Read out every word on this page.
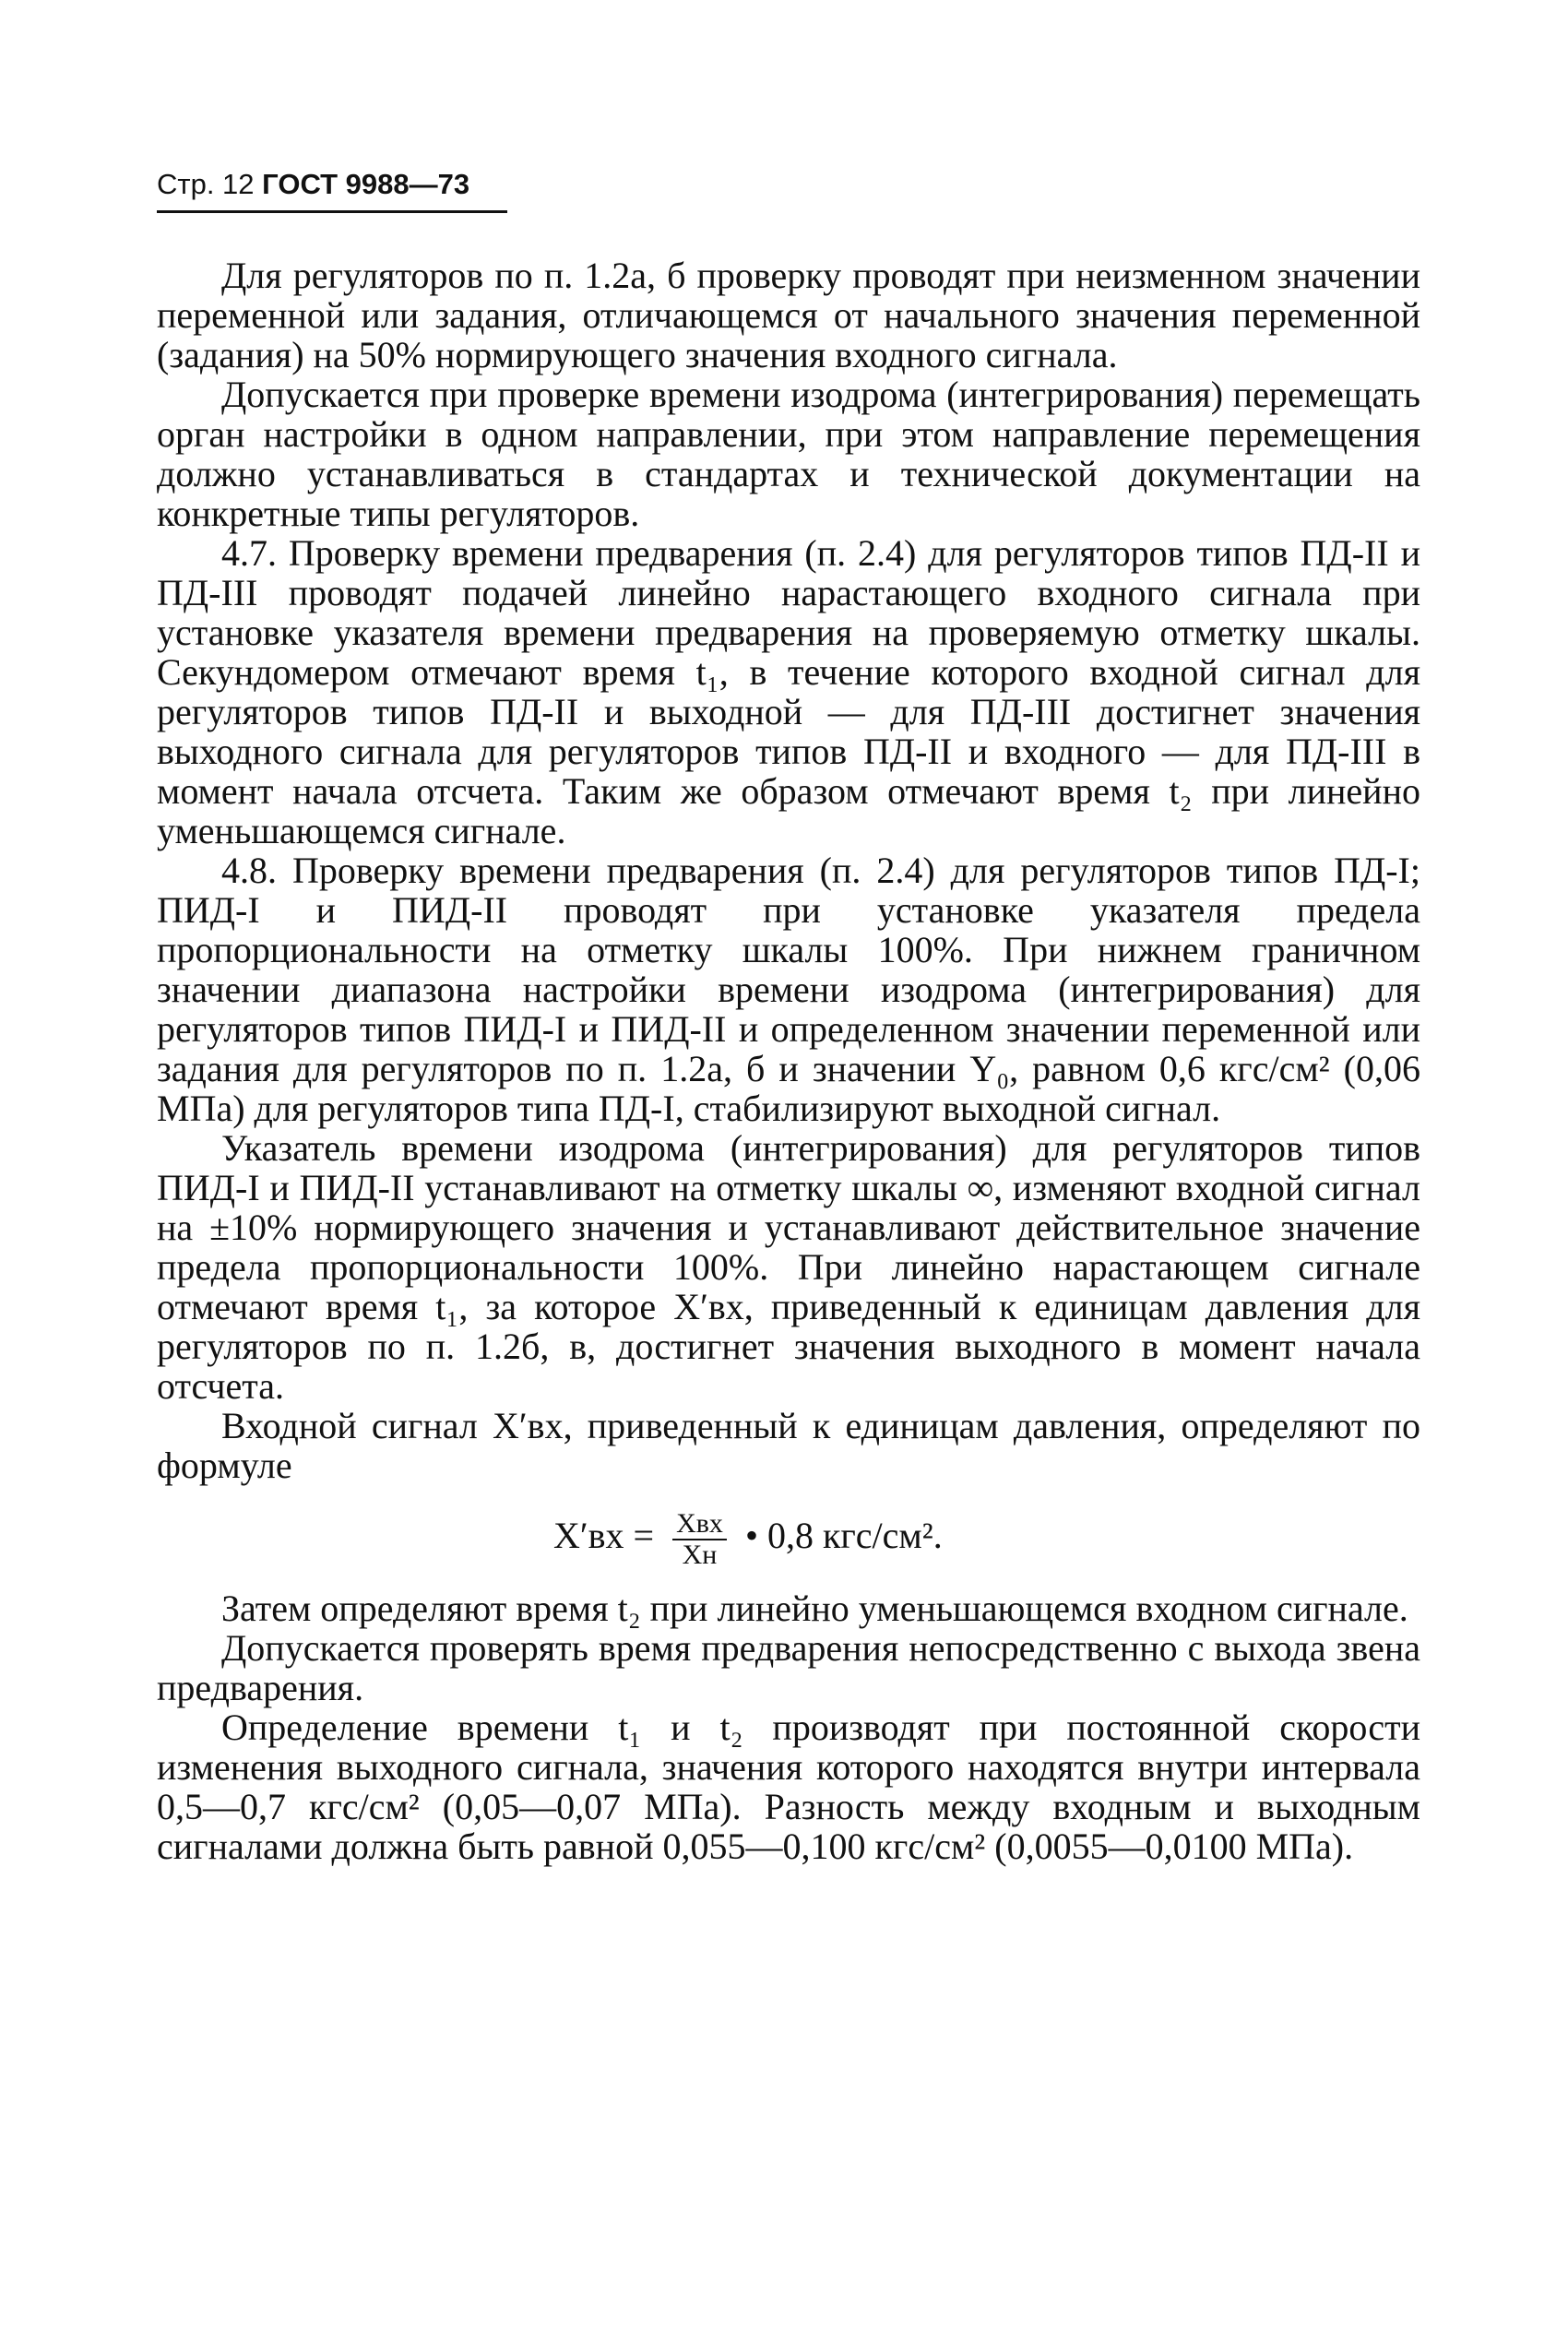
Стр. 12 ГОСТ 9988—73

Для регуляторов по п. 1.2а, б проверку проводят при неизменном значении переменной или задания, отличающемся от начального значения переменной (задания) на 50% нормирующего значения входного сигнала.

Допускается при проверке времени изодрома (интегрирования) перемещать орган настройки в одном направлении, при этом направление перемещения должно устанавливаться в стандартах и технической документации на конкретные типы регуляторов.

4.7. Проверку времени предварения (п. 2.4) для регуляторов типов ПД-II и ПД-III проводят подачей линейно нарастающего входного сигнала при установке указателя времени предварения на проверяемую отметку шкалы. Секундомером отмечают время t₁, в течение которого входной сигнал для регуляторов типов ПД-II и выходной — для ПД-III достигнет значения выходного сигнала для регуляторов типов ПД-II и входного — для ПД-III в момент начала отсчета. Таким же образом отмечают время t₂ при линейно уменьшающемся сигнале.

4.8. Проверку времени предварения (п. 2.4) для регуляторов типов ПД-I; ПИД-I и ПИД-II проводят при установке указателя предела пропорциональности на отметку шкалы 100%. При нижнем граничном значении диапазона настройки времени изодрома (интегрирования) для регуляторов типов ПИД-I и ПИД-II и определенном значении переменной или задания для регуляторов по п. 1.2а, б и значении Y₀, равном 0,6 кгс/см² (0,06 МПа) для регуляторов типа ПД-I, стабилизируют выходной сигнал.

Указатель времени изодрома (интегрирования) для регуляторов типов ПИД-I и ПИД-II устанавливают на отметку шкалы ∞, изменяют входной сигнал на ±10% нормирующего значения и устанавливают действительное значение предела пропорциональности 100%. При линейно нарастающем сигнале отмечают время t₁, за которое X′вх, приведенный к единицам давления для регуляторов по п. 1.2б, в, достигнет значения выходного в момент начала отсчета.

Входной сигнал X′вх, приведенный к единицам давления, определяют по формуле

$X'вх = \frac{\text{Xвх}}{Xн}$ • 0,8 кгс/см².

Затем определяют время t₂ при линейно уменьшающемся входном сигнале.

Допускается проверять время предварения непосредственно с выхода звена предварения.

Определение времени t₁ и t₂ производят при постоянной скорости изменения выходного сигнала, значения которого находятся внутри интервала 0,5—0,7 кгс/см² (0,05—0,07 МПа). Разность между входным и выходным сигналами должна быть равной 0,055—0,100 кгс/см² (0,0055—0,0100 МПа).
